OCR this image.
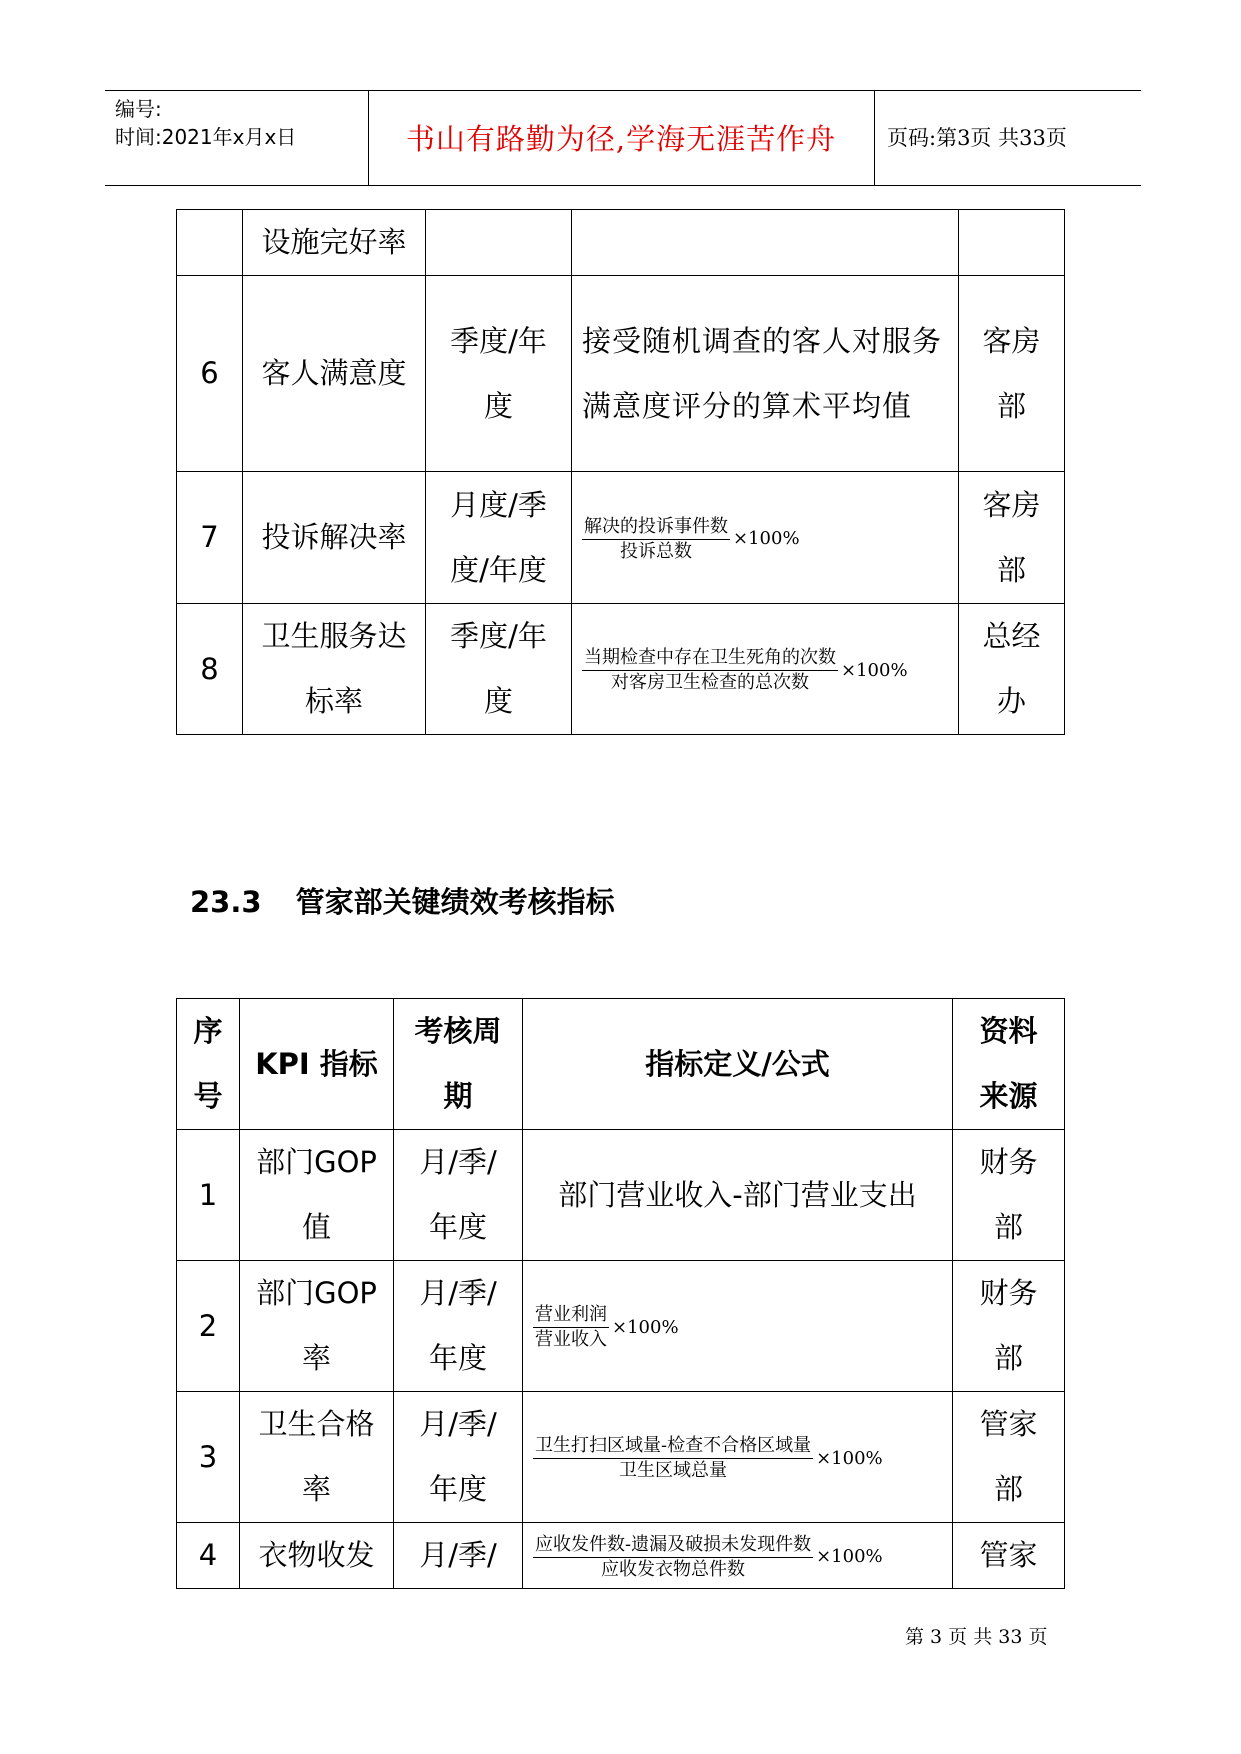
编号:
时间:2021年x月x日	书山有路勤为径,学海无涯苦作舟	页码:第3页 共33页
	设施完好率			
6	客人满意度	季度/年度	接受随机调查的客人对服务满意度评分的算术平均值	客房部
7	投诉解决率	月度/季度/年度	$\frac{\text{解决的投诉事件数}}{\text{投诉总数}} \times 100\%$	客房部
8	卫生服务达标率	季度/年度	$\frac{\text{当期检查中存在卫生死角的次数}}{\text{对客房卫生检查的总次数}} \times 100\%$	总经办
23.3 管家部关键绩效考核指标
序号	KPI 指标	考核周期	指标定义/公式	资料来源
1	部门GOP值	月/季/年度	部门营业收入-部门营业支出	财务部
2	部门GOP率	月/季/年度	$\frac{\text{营业利润}}{\text{营业收入}} \times 100\%$	财务部
3	卫生合格率	月/季/年度	$\frac{\text{卫生打扫区域量-检查不合格区域量}}{\text{卫生区域总量}} \times 100\%$	管家部
4	衣物收发	月/季/	$\frac{\text{应收发件数-遗漏及破损未发现件数}}{\text{应收发衣物总件数}} \times 100\%$	管家
第 3 页 共 33 页
